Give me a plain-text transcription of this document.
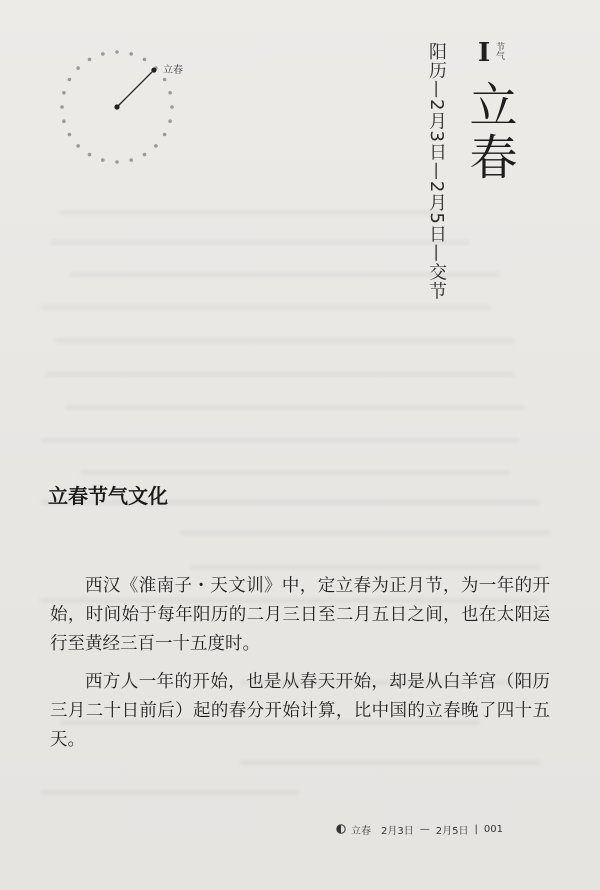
立春
I 节气
立春
阳历—2月3日—2月5日—交节
立春节气文化

西汉《淮南子・天文训》中，定立春为正月节，为一年的开始，时间始于每年阳历的二月三日至二月五日之间，也在太阳运行至黄经三百一十五度时。

西方人一年的开始，也是从春天开始，却是从白羊宫（阳历三月二十日前后）起的春分开始计算，比中国的立春晚了四十五天。

立春 2月3日 — 2月5日 | 001
